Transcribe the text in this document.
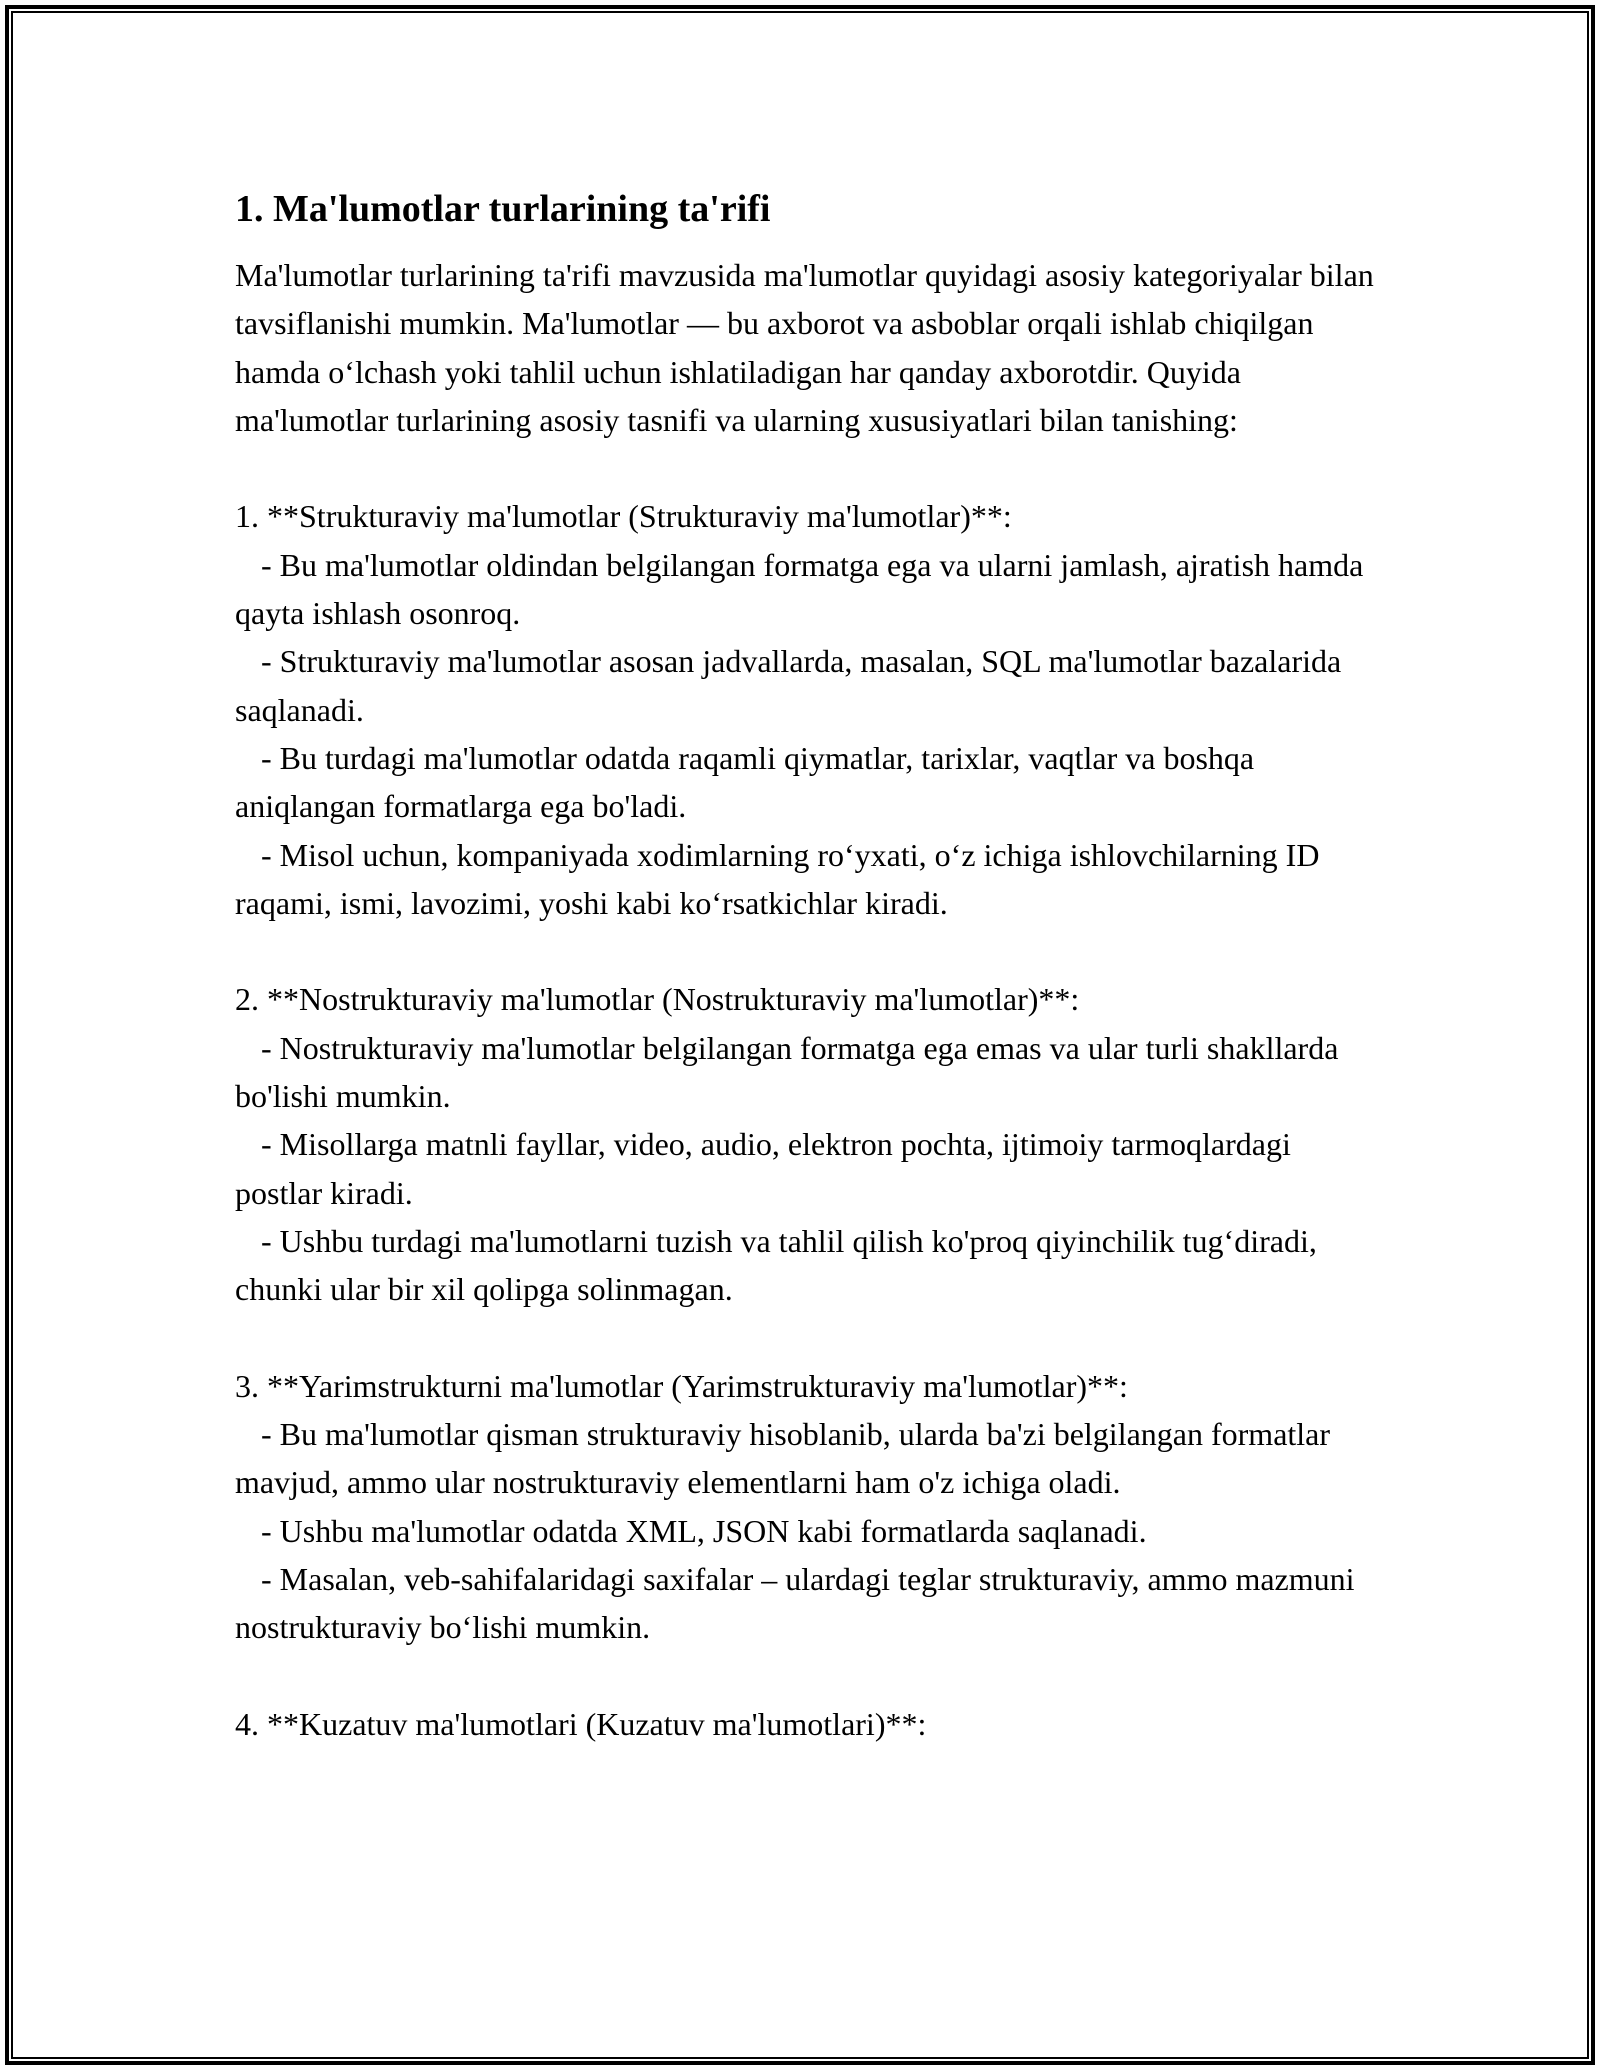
1. Ma'lumotlar turlarining ta'rifi

Ma'lumotlar turlarining ta'rifi mavzusida ma'lumotlar quyidagi asosiy kategoriyalar bilan tavsiflanishi mumkin. Ma'lumotlar — bu axborot va asboblar orqali ishlab chiqilgan hamda o‘lchash yoki tahlil uchun ishlatiladigan har qanday axborotdir. Quyida ma'lumotlar turlarining asosiy tasnifi va ularning xususiyatlari bilan tanishing:

1. **Strukturaviy ma'lumotlar (Strukturaviy ma'lumotlar)**:

- Bu ma'lumotlar oldindan belgilangan formatga ega va ularni jamlash, ajratish hamda qayta ishlash osonroq.

- Strukturaviy ma'lumotlar asosan jadvallarda, masalan, SQL ma'lumotlar bazalarida saqlanadi.

- Bu turdagi ma'lumotlar odatda raqamli qiymatlar, tarixlar, vaqtlar va boshqa aniqlangan formatlarga ega bo'ladi.

- Misol uchun, kompaniyada xodimlarning ro‘yxati, o‘z ichiga ishlovchilarning ID raqami, ismi, lavozimi, yoshi kabi ko‘rsatkichlar kiradi.

2. **Nostrukturaviy ma'lumotlar (Nostrukturaviy ma'lumotlar)**:

- Nostrukturaviy ma'lumotlar belgilangan formatga ega emas va ular turli shakllarda bo'lishi mumkin.

- Misollarga matnli fayllar, video, audio, elektron pochta, ijtimoiy tarmoqlardagi postlar kiradi.

- Ushbu turdagi ma'lumotlarni tuzish va tahlil qilish ko'proq qiyinchilik tug‘diradi, chunki ular bir xil qolipga solinmagan.

3. **Yarimstrukturni ma'lumotlar (Yarimstrukturaviy ma'lumotlar)**:

- Bu ma'lumotlar qisman strukturaviy hisoblanib, ularda ba'zi belgilangan formatlar mavjud, ammo ular nostrukturaviy elementlarni ham o'z ichiga oladi.

- Ushbu ma'lumotlar odatda XML, JSON kabi formatlarda saqlanadi.

- Masalan, veb-sahifalaridagi saxifalar – ulardagi teglar strukturaviy, ammo mazmuni nostrukturaviy bo‘lishi mumkin.

4. **Kuzatuv ma'lumotlari (Kuzatuv ma'lumotlari)**:
